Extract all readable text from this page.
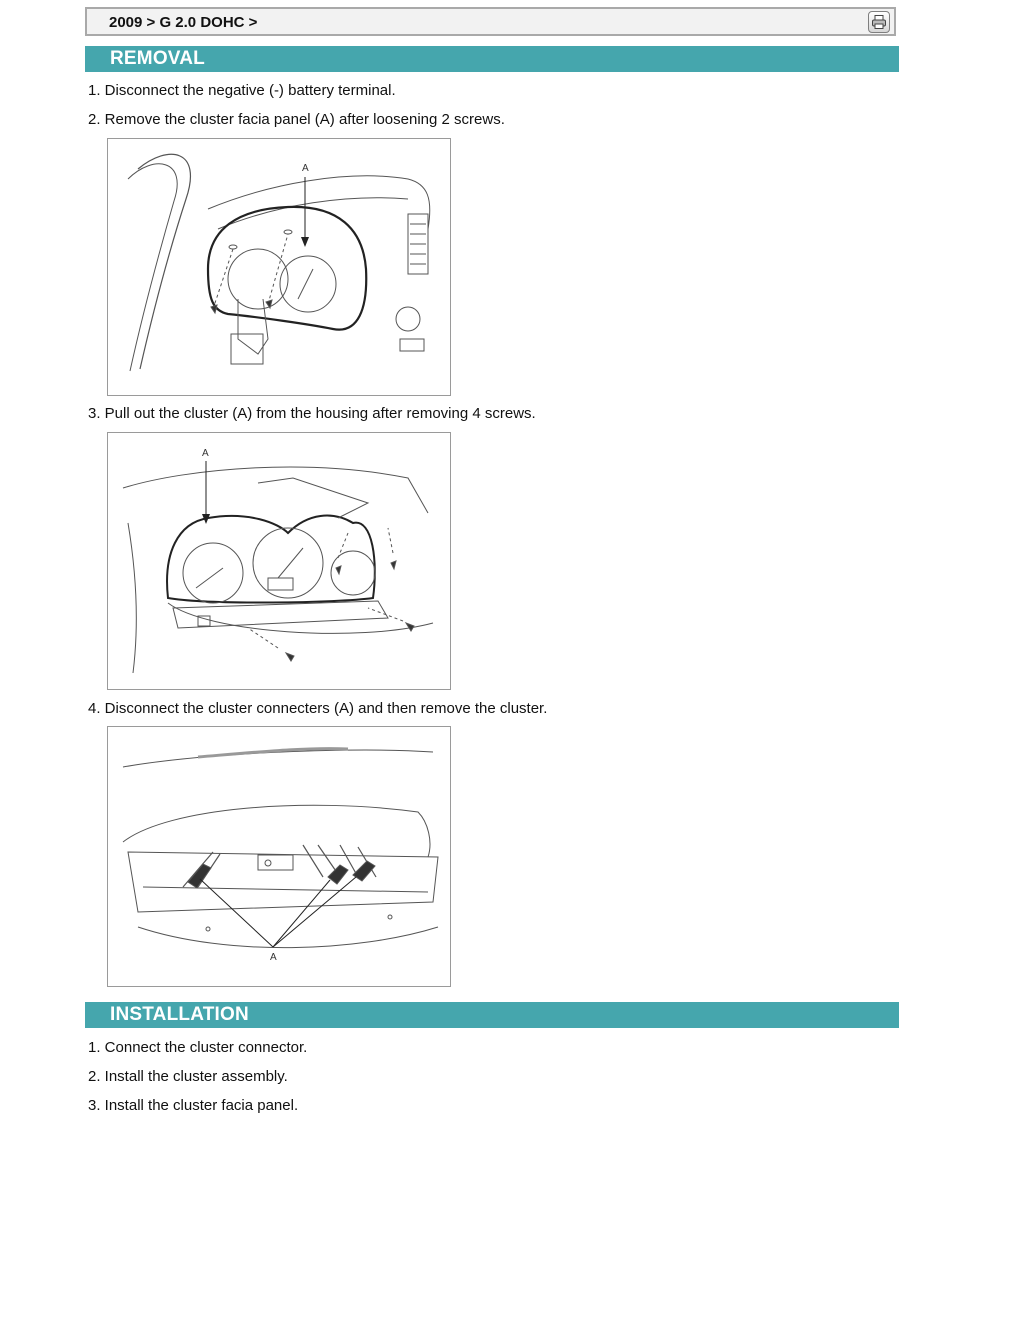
2009 > G 2.0 DOHC >
REMOVAL
1. Disconnect the negative (-) battery terminal.
2. Remove the cluster facia panel (A) after loosening 2 screws.
A
3. Pull out the cluster (A) from the housing after removing 4 screws.
A
4. Disconnect the cluster connecters (A) and then remove the cluster.
A
INSTALLATION
1. Connect the cluster connector.
2. Install the cluster assembly.
3. Install the cluster facia panel.
